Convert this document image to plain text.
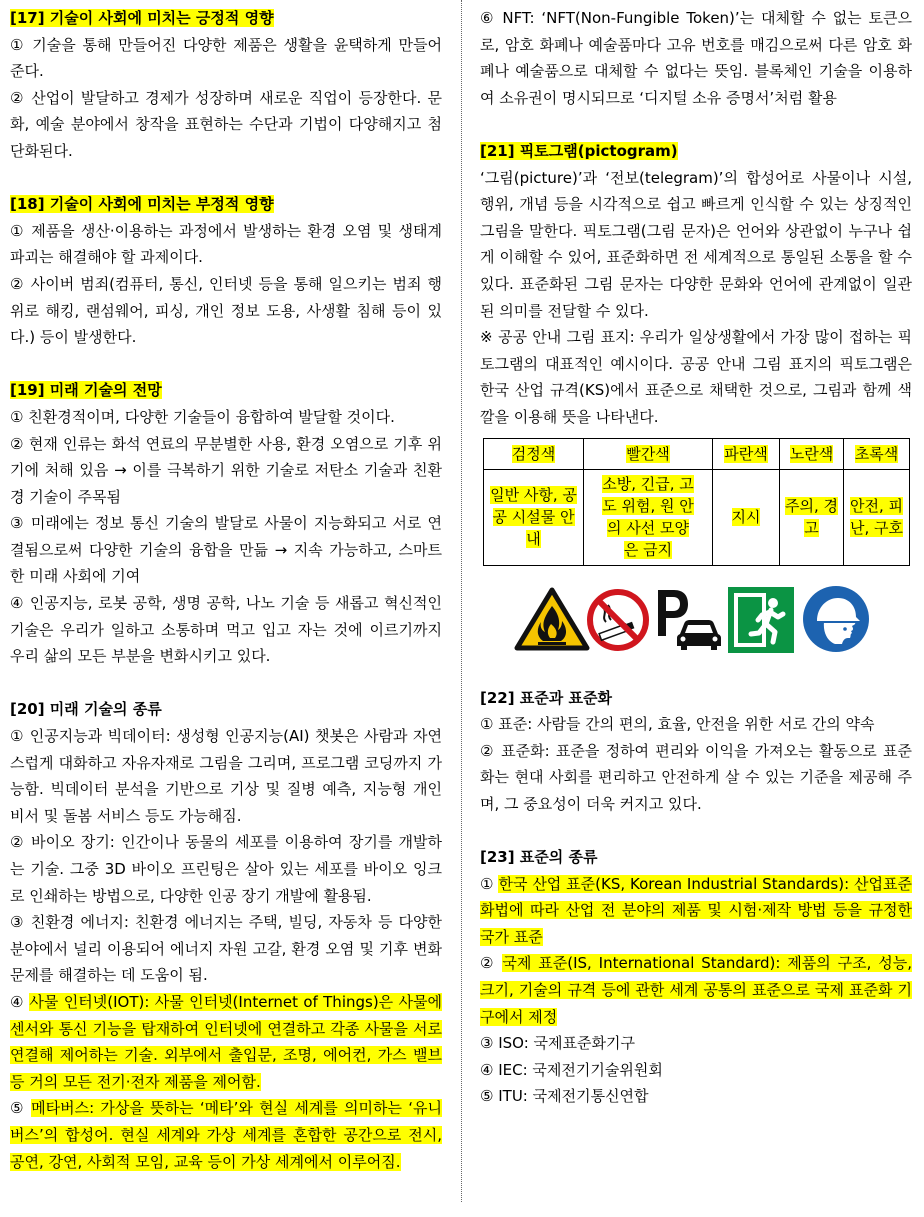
[17] 기술이 사회에 미치는 긍정적 영향

① 기술을 통해 만들어진 다양한 제품은 생활을 윤택하게 만들어 준다.

② 산업이 발달하고 경제가 성장하며 새로운 직업이 등장한다. 문화, 예술 분야에서 창작을 표현하는 수단과 기법이 다양해지고 첨단화된다.

[18] 기술이 사회에 미치는 부정적 영향

① 제품을 생산·이용하는 과정에서 발생하는 환경 오염 및 생태계 파괴는 해결해야 할 과제이다.

② 사이버 범죄(컴퓨터, 통신, 인터넷 등을 통해 일으키는 범죄 행위로 해킹, 랜섬웨어, 피싱, 개인 정보 도용, 사생활 침해 등이 있다.) 등이 발생한다.

[19] 미래 기술의 전망

① 친환경적이며, 다양한 기술들이 융합하여 발달할 것이다.

② 현재 인류는 화석 연료의 무분별한 사용, 환경 오염으로 기후 위기에 처해 있음 → 이를 극복하기 위한 기술로 저탄소 기술과 친환경 기술이 주목됨

③ 미래에는 정보 통신 기술의 발달로 사물이 지능화되고 서로 연결됨으로써 다양한 기술의 융합을 만듦 → 지속 가능하고, 스마트한 미래 사회에 기여

④ 인공지능, 로봇 공학, 생명 공학, 나노 기술 등 새롭고 혁신적인 기술은 우리가 일하고 소통하며 먹고 입고 자는 것에 이르기까지 우리 삶의 모든 부분을 변화시키고 있다.

[20] 미래 기술의 종류

① 인공지능과 빅데이터: 생성형 인공지능(AI) 챗봇은 사람과 자연스럽게 대화하고 자유자재로 그림을 그리며, 프로그램 코딩까지 가능함. 빅데이터 분석을 기반으로 기상 및 질병 예측, 지능형 개인 비서 및 돌봄 서비스 등도 가능해짐.

② 바이오 장기: 인간이나 동물의 세포를 이용하여 장기를 개발하는 기술. 그중 3D 바이오 프린팅은 살아 있는 세포를 바이오 잉크로 인쇄하는 방법으로, 다양한 인공 장기 개발에 활용됨.

③ 친환경 에너지: 친환경 에너지는 주택, 빌딩, 자동차 등 다양한 분야에서 널리 이용되어 에너지 자원 고갈, 환경 오염 및 기후 변화 문제를 해결하는 데 도움이 됨.

④ 사물 인터넷(IOT): 사물 인터넷(Internet of Things)은 사물에 센서와 통신 기능을 탑재하여 인터넷에 연결하고 각종 사물을 서로 연결해 제어하는 기술. 외부에서 출입문, 조명, 에어컨, 가스 밸브 등 거의 모든 전기·전자 제품을 제어함.

⑤ 메타버스: 가상을 뜻하는 ‘메타’와 현실 세계를 의미하는 ‘유니버스’의 합성어. 현실 세계와 가상 세계를 혼합한 공간으로 전시, 공연, 강연, 사회적 모임, 교육 등이 가상 세계에서 이루어짐.

⑥ NFT: ‘NFT(Non-Fungible Token)’는 대체할 수 없는 토큰으로, 암호 화폐나 예술품마다 고유 번호를 매김으로써 다른 암호 화폐나 예술품으로 대체할 수 없다는 뜻임. 블록체인 기술을 이용하여 소유권이 명시되므로 ‘디지털 소유 증명서’처럼 활용

[21] 픽토그램(pictogram)

‘그림(picture)’과 ‘전보(telegram)’의 합성어로 사물이나 시설, 행위, 개념 등을 시각적으로 쉽고 빠르게 인식할 수 있는 상징적인 그림을 말한다. 픽토그램(그림 문자)은 언어와 상관없이 누구나 쉽게 이해할 수 있어, 표준화하면 전 세계적으로 통일된 소통을 할 수 있다. 표준화된 그림 문자는 다양한 문화와 언어에 관계없이 일관된 의미를 전달할 수 있다.

※ 공공 안내 그림 표지: 우리가 일상생활에서 가장 많이 접하는 픽토그램의 대표적인 예시이다. 공공 안내 그림 표지의 픽토그램은 한국 산업 규격(KS)에서 표준으로 채택한 것으로, 그림과 함께 색깔을 이용해 뜻을 나타낸다.

검정색	빨간색	파란색	노란색	초록색
일반 사항, 공공 시설물 안내	소방, 긴급, 고도 위험, 원 안의 사선 모양은 금지	지시	주의, 경고	안전, 피난, 구호
[22] 표준과 표준화

① 표준: 사람들 간의 편의, 효율, 안전을 위한 서로 간의 약속

② 표준화: 표준을 정하여 편리와 이익을 가져오는 활동으로 표준화는 현대 사회를 편리하고 안전하게 살 수 있는 기준을 제공해 주며, 그 중요성이 더욱 커지고 있다.

[23] 표준의 종류

① 한국 산업 표준(KS, Korean Industrial Standards): 산업표준화법에 따라 산업 전 분야의 제품 및 시험·제작 방법 등을 규정한 국가 표준

② 국제 표준(IS, International Standard): 제품의 구조, 성능, 크기, 기술의 규격 등에 관한 세계 공통의 표준으로 국제 표준화 기구에서 제정

③ ISO: 국제표준화기구

④ IEC: 국제전기기술위원회

⑤ ITU: 국제전기통신연합
